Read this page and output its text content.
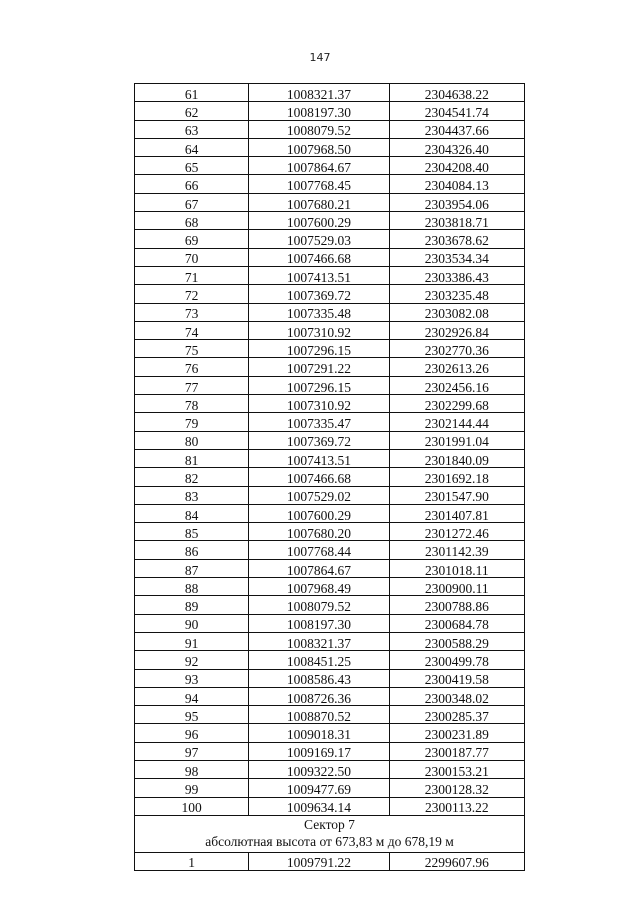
147
61	1008321.37	2304638.22
62	1008197.30	2304541.74
63	1008079.52	2304437.66
64	1007968.50	2304326.40
65	1007864.67	2304208.40
66	1007768.45	2304084.13
67	1007680.21	2303954.06
68	1007600.29	2303818.71
69	1007529.03	2303678.62
70	1007466.68	2303534.34
71	1007413.51	2303386.43
72	1007369.72	2303235.48
73	1007335.48	2303082.08
74	1007310.92	2302926.84
75	1007296.15	2302770.36
76	1007291.22	2302613.26
77	1007296.15	2302456.16
78	1007310.92	2302299.68
79	1007335.47	2302144.44
80	1007369.72	2301991.04
81	1007413.51	2301840.09
82	1007466.68	2301692.18
83	1007529.02	2301547.90
84	1007600.29	2301407.81
85	1007680.20	2301272.46
86	1007768.44	2301142.39
87	1007864.67	2301018.11
88	1007968.49	2300900.11
89	1008079.52	2300788.86
90	1008197.30	2300684.78
91	1008321.37	2300588.29
92	1008451.25	2300499.78
93	1008586.43	2300419.58
94	1008726.36	2300348.02
95	1008870.52	2300285.37
96	1009018.31	2300231.89
97	1009169.17	2300187.77
98	1009322.50	2300153.21
99	1009477.69	2300128.32
100	1009634.14	2300113.22

Сектор 7
абсолютная высота от 673,83 м до 678,19 м		

1	1009791.22	2299607.96
